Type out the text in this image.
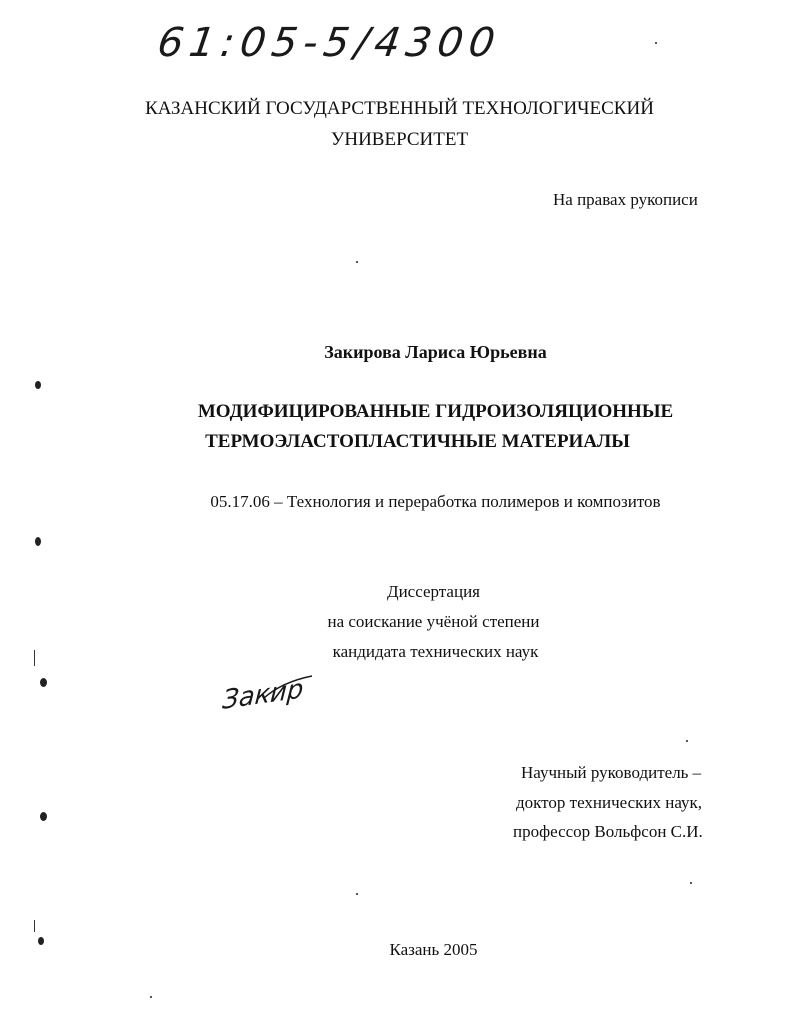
61:05-5/4300
КАЗАНСКИЙ ГОСУДАРСТВЕННЫЙ ТЕХНОЛОГИЧЕСКИЙ
УНИВЕРСИТЕТ
На правах рукописи
Закирова Лариса Юрьевна
МОДИФИЦИРОВАННЫЕ ГИДРОИЗОЛЯЦИОННЫЕ
ТЕРМОЭЛАСТОПЛАСТИЧНЫЕ МАТЕРИАЛЫ
05.17.06 – Технология и переработка полимеров и композитов
Диссертация
на соискание учёной степени
кандидата технических наук
Закир
Научный руководитель –
доктор технических наук,
профессор Вольфсон С.И.
Казань 2005
